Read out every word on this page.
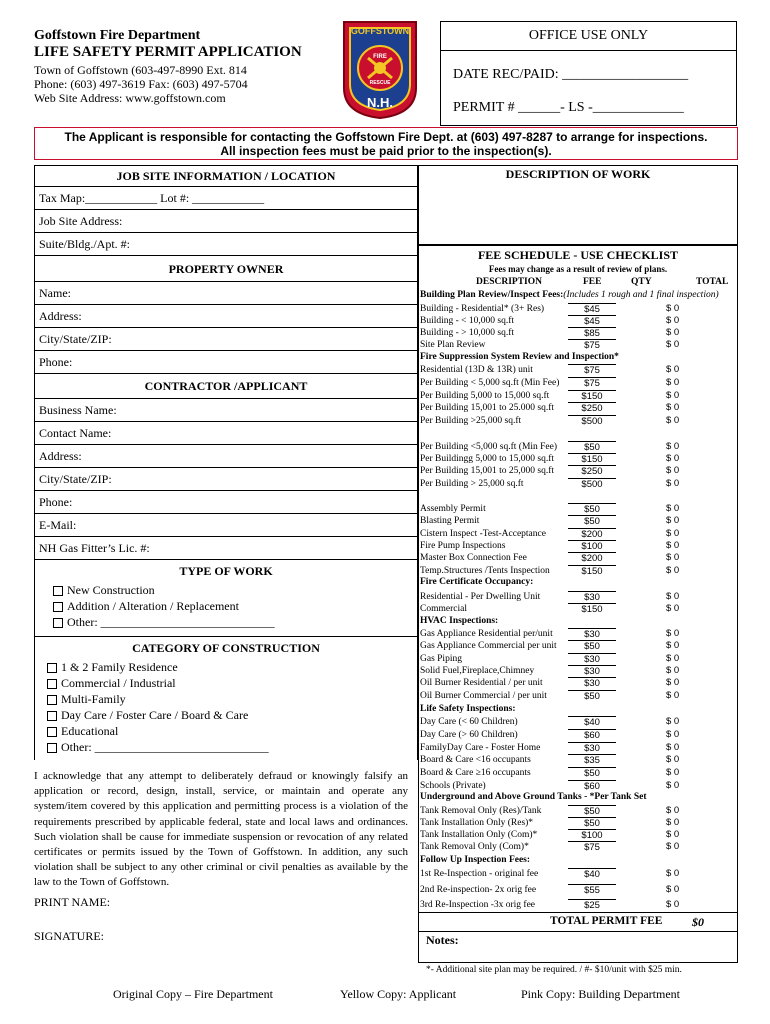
Goffstown Fire Department
LIFE SAFETY PERMIT APPLICATION
Town of Goffstown (603-497-8990 Ext. 814
Phone: (603) 497-3619 Fax: (603) 497-5704
Web Site Address: www.goffstown.com
GOFFSTOWN
FIRE
RESCUE
N.H.
OFFICE USE ONLY
DATE REC/PAID: __________________
PERMIT # ______- LS -_____________
The Applicant is responsible for contacting the Goffstown Fire Dept. at (603) 497-8287 to arrange for inspections.
All inspection fees must be paid prior to the inspection(s).
JOB SITE INFORMATION / LOCATION
Tax Map:____________ Lot #: ____________
Job Site Address:
Suite/Bldg./Apt. #:
PROPERTY OWNER
Name:
Address:
City/State/ZIP:
Phone:
CONTRACTOR /APPLICANT
Business Name:
Contact Name:
Address:
City/State/ZIP:
Phone:
E-Mail:
NH Gas Fitter’s Lic. #:
TYPE OF WORK
New Construction
Addition / Alteration / Replacement
Other: _____________________________
CATEGORY OF CONSTRUCTION
1 & 2 Family Residence
Commercial / Industrial
Multi-Family
Day Care / Foster Care / Board & Care
Educational
Other: _____________________________
I acknowledge that any attempt to deliberately defraud or knowingly falsify an application or record, design, install, service, or maintain and operate any system/item covered by this application and permitting process is a violation of the requirements prescribed by applicable federal, state and local laws and ordinances. Such violation shall be cause for immediate suspension or revocation of any related certificates or permits issued by the Town of Goffstown. In addition, any such violation shall be subject to any other criminal or civil penalties as available by the law to the Town of Goffstown.
PRINT NAME:
SIGNATURE:
DESCRIPTION OF WORK
FEE SCHEDULE - USE CHECKLIST
Fees may change as a result of review of plans.
DESCRIPTION	FEE	QTY	TOTAL
Building Plan Review/Inspect Fees:(Includes 1 rough and 1 final inspection)
Building - Residential* (3+ Res)	$45	$ 0
Building - < 10,000 sq.ft	$45	$ 0
Building - > 10,000 sq.ft	$85	$ 0
Site Plan Review	$75	$ 0
Residential (13D & 13R) unit	$75	$ 0
Per Building < 5,000 sq.ft (Min Fee)	$75	$ 0
Per Building 5,000 to 15,000 sq.ft	$150	$ 0
Per Building 15,001 to 25.000 sq.ft	$250	$ 0
Per Building >25,000 sq.ft	$500	$ 0
Per Building <5,000 sq.ft (Min Fee)	$50	$ 0
Per Buildingg 5,000 to 15,000 sq.ft	$150	$ 0
Per Building 15,001 to 25,000 sq.ft	$250	$ 0
Per Building > 25,000 sq.ft	$500	$ 0
Assembly Permit	$50	$ 0
Blasting Permit	$50	$ 0
Cistern Inspect -Test-Acceptance	$200	$ 0
Fire Pump Inspections	$100	$ 0
Master Box Connection Fee	$200	$ 0
Temp.Structures /Tents Inspection	$150	$ 0
Residential - Per Dwelling Unit	$30	$ 0
Commercial	$150	$ 0
Gas Appliance Residential per/unit	$30	$ 0
Gas Appliance Commercial per unit	$50	$ 0
Gas Piping	$30	$ 0
Solid Fuel,Fireplace,Chimney	$30	$ 0
Oil Burner Residential / per unit	$30	$ 0
Oil Burner Commercial / per unit	$50	$ 0
Day Care (< 60 Children)	$40	$ 0
Day Care (> 60 Children)	$60	$ 0
FamilyDay Care - Foster Home	$30	$ 0
Board & Care <16 occupants	$35	$ 0
Board & Care ≥16 occupants	$50	$ 0
Schools (Private)	$60	$ 0
Tank Removal Only (Res)/Tank	$50	$ 0
Tank Installation Only (Res)*	$50	$ 0
Tank Installation Only (Com)*	$100	$ 0
Tank Removal Only (Com)*	$75	$ 0
1st Re-Inspection - original fee	$40	$ 0
2nd Re-inspection- 2x orig fee	$55	$ 0
3rd Re-Inspection -3x orig fee	$25	$ 0
Fire Suppression System Review and Inspection*
Fire Certificate Occupancy:
HVAC Inspections:
Life Safety Inspections:
Underground and Above Ground Tanks - *Per Tank Set
Follow Up Inspection Fees:
TOTAL PERMIT FEE $0
Notes:
*- Additional site plan may be required. / #- $10/unit with $25 min.
Original Copy – Fire Department	Yellow Copy: Applicant	Pink Copy: Building Department
